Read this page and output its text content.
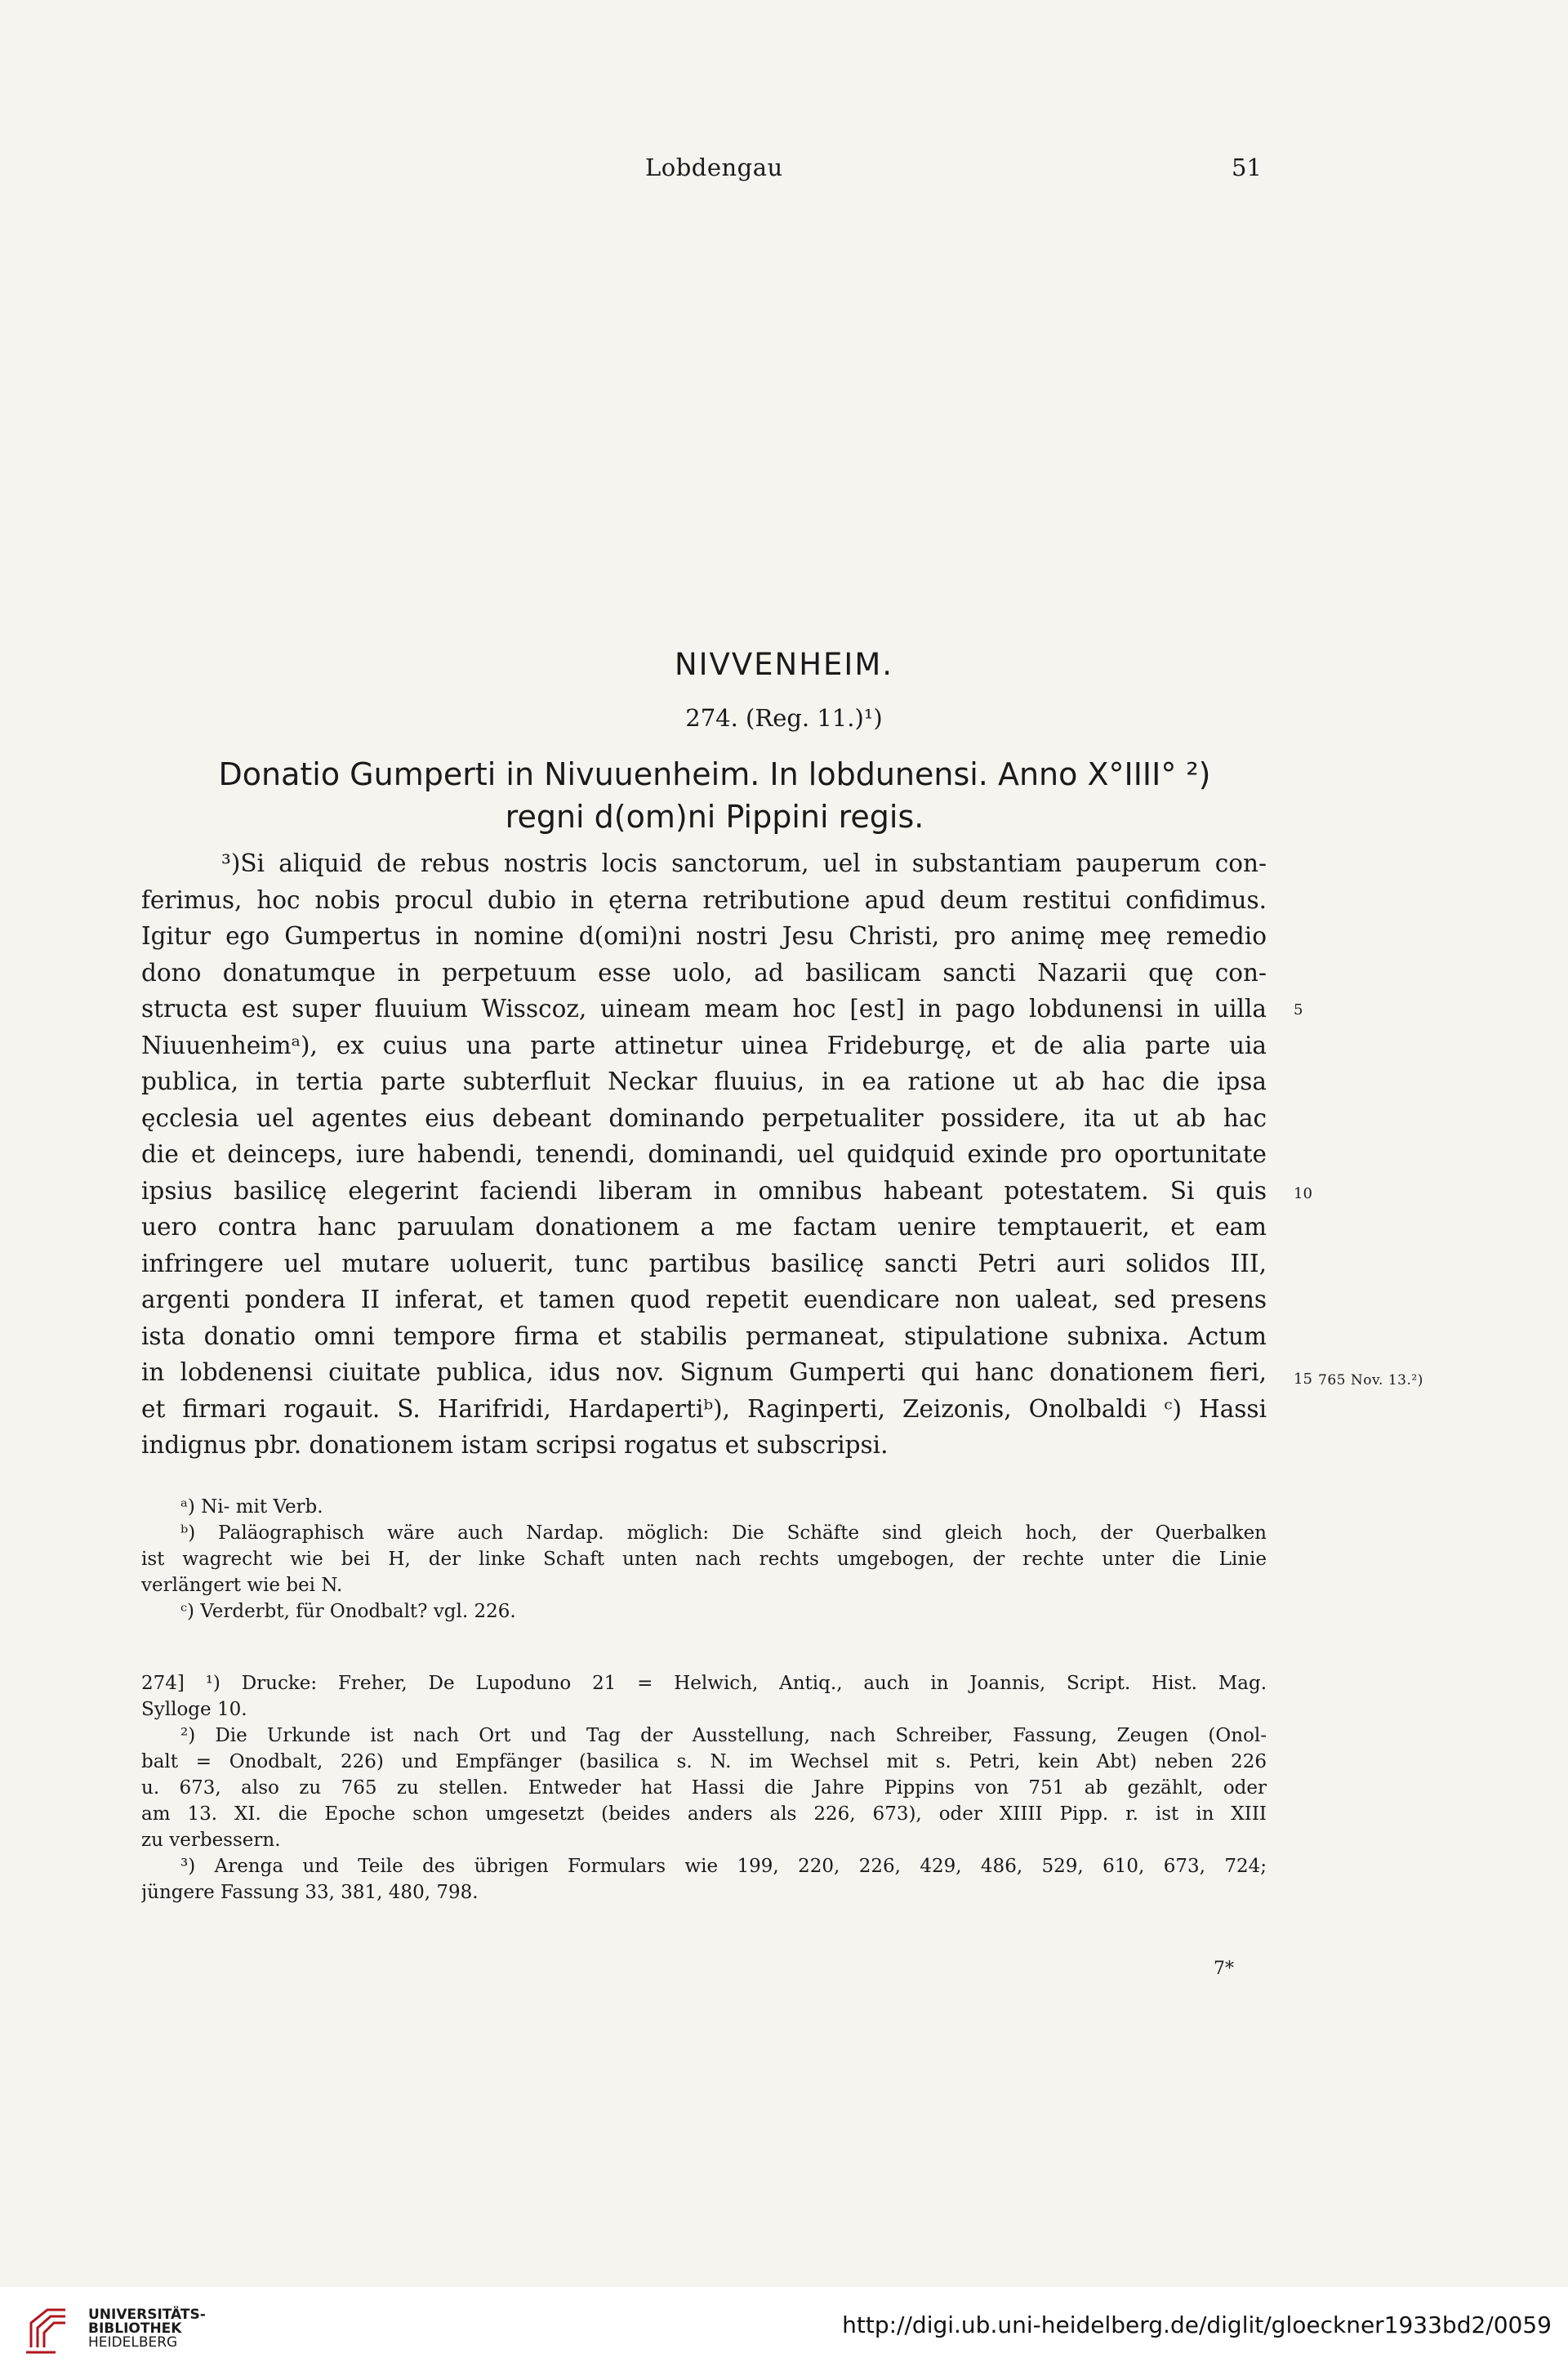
Lobdengau	51
NIVVENHEIM.
274. (Reg. 11.)¹)
Donatio Gumperti in Nivuuenheim. In lobdunensi. Anno X°IIII° ²)
regni d(om)ni Pippini regis.
³)Si aliquid de rebus nostris locis sanctorum, uel in substantiam pauperum con-
ferimus, hoc nobis procul dubio in ęterna retributione apud deum restitui confidimus.
Igitur ego Gumpertus in nomine d(omi)ni nostri Jesu Christi, pro animę meę remedio
dono donatumque in perpetuum esse uolo, ad basilicam sancti Nazarii quę con-
structa est super fluuium Wisscoz, uineam meam hoc [est] in pago lobdunensi in uilla
Niuuenheimᵃ), ex cuius una parte attinetur uinea Frideburgę, et de alia parte uia
publica, in tertia parte subterfluit Neckar fluuius, in ea ratione ut ab hac die ipsa
ęcclesia uel agentes eius debeant dominando perpetualiter possidere, ita ut ab hac
die et deinceps, iure habendi, tenendi, dominandi, uel quidquid exinde pro oportunitate
ipsius basilicę elegerint faciendi liberam in omnibus habeant potestatem. Si quis
uero contra hanc paruulam donationem a me factam uenire temptauerit, et eam
infringere uel mutare uoluerit, tunc partibus basilicę sancti Petri auri solidos III,
argenti pondera II inferat, et tamen quod repetit euendicare non ualeat, sed presens
ista donatio omni tempore firma et stabilis permaneat, stipulatione subnixa. Actum
in lobdenensi ciuitate publica, idus nov. Signum Gumperti qui hanc donationem fieri,
et firmari rogauit. S. Harifridi, Hardapertiᵇ), Raginperti, Zeizonis, Onolbaldi ᶜ) Hassi
indignus pbr. donationem istam scripsi rogatus et subscripsi.
5
10
15 765 Nov. 13.²)
ᵃ) Ni- mit Verb.
ᵇ) Paläographisch wäre auch Nardap. möglich: Die Schäfte sind gleich hoch, der Querbalken
ist wagrecht wie bei H, der linke Schaft unten nach rechts umgebogen, der rechte unter die Linie
verlängert wie bei N.
ᶜ) Verderbt, für Onodbalt? vgl. 226.
274] ¹) Drucke: Freher, De Lupoduno 21 = Helwich, Antiq., auch in Joannis, Script. Hist. Mag.
Sylloge 10.
²) Die Urkunde ist nach Ort und Tag der Ausstellung, nach Schreiber, Fassung, Zeugen (Onol-
balt = Onodbalt, 226) und Empfänger (basilica s. N. im Wechsel mit s. Petri, kein Abt) neben 226
u. 673, also zu 765 zu stellen. Entweder hat Hassi die Jahre Pippins von 751 ab gezählt, oder
am 13. XI. die Epoche schon umgesetzt (beides anders als 226, 673), oder XIIII Pipp. r. ist in XIII
zu verbessern.
³) Arenga und Teile des übrigen Formulars wie 199, 220, 226, 429, 486, 529, 610, 673, 724;
jüngere Fassung 33, 381, 480, 798.
7*
UNIVERSITÄTS-
BIBLIOTHEK
HEIDELBERG
http://digi.ub.uni-heidelberg.de/diglit/gloeckner1933bd2/0059
